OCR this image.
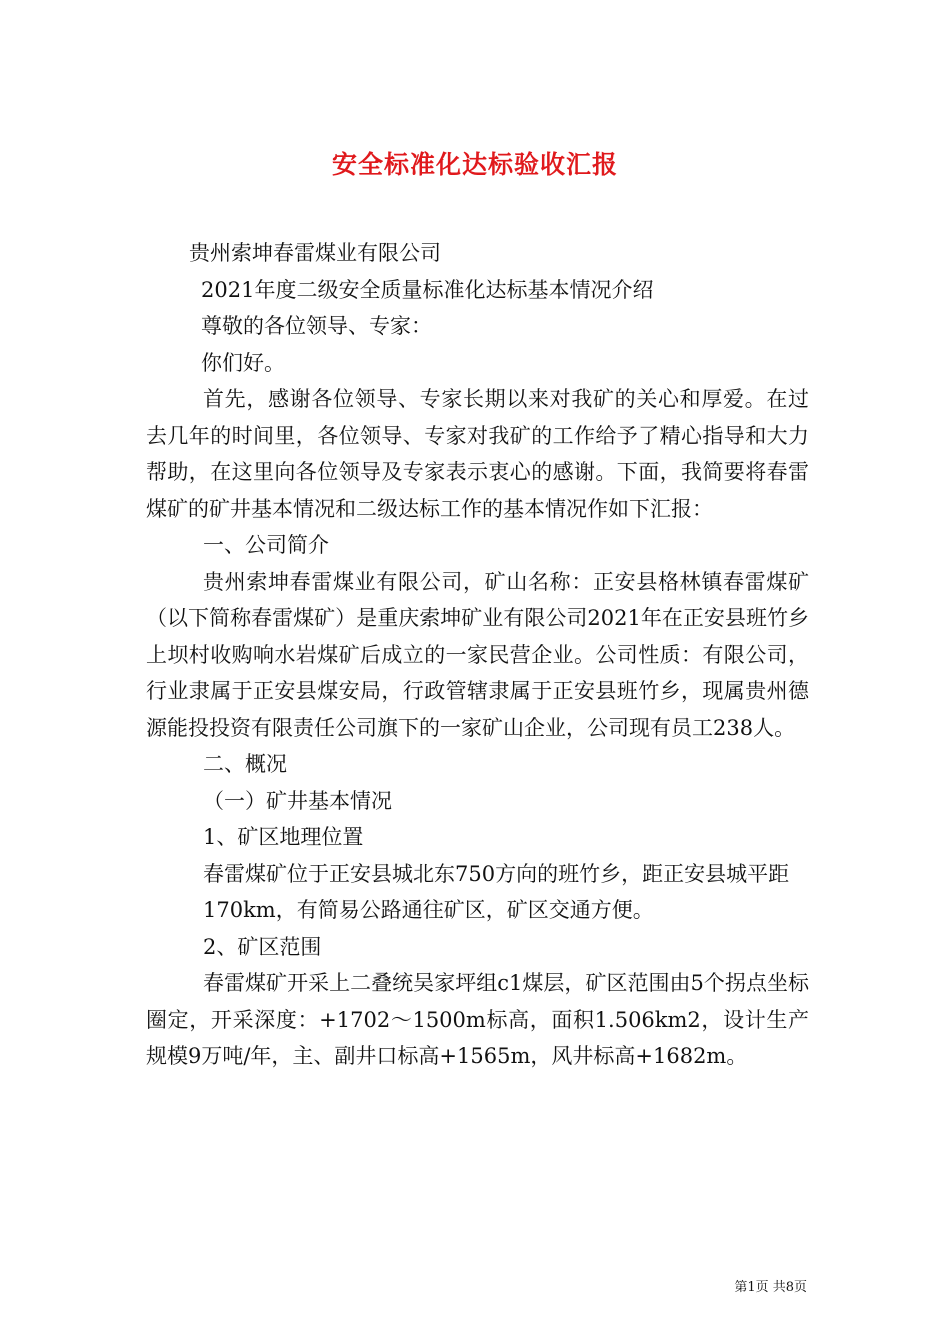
安全标准化达标验收汇报

贵州索坤春雷煤业有限公司

2021年度二级安全质量标准化达标基本情况介绍

尊敬的各位领导、专家：

你们好。

首先，感谢各位领导、专家长期以来对我矿的关心和厚爱。在过去几年的时间里，各位领导、专家对我矿的工作给予了精心指导和大力帮助，在这里向各位领导及专家表示衷心的感谢。下面，我简要将春雷煤矿的矿井基本情况和二级达标工作的基本情况作如下汇报：

一、公司简介

贵州索坤春雷煤业有限公司，矿山名称：正安县格林镇春雷煤矿（以下简称春雷煤矿）是重庆索坤矿业有限公司2021年在正安县班竹乡上坝村收购响水岩煤矿后成立的一家民营企业。公司性质：有限公司，行业隶属于正安县煤安局，行政管辖隶属于正安县班竹乡，现属贵州德源能投投资有限责任公司旗下的一家矿山企业，公司现有员工238人。

二、概况

（一）矿井基本情况

1、矿区地理位置

春雷煤矿位于正安县城北东750方向的班竹乡，距正安县城平距

170km，有简易公路通往矿区，矿区交通方便。

2、矿区范围

春雷煤矿开采上二叠统吴家坪组c1煤层，矿区范围由5个拐点坐标圈定，开采深度：+1702～1500m标高，面积1.506km2，设计生产规模9万吨/年，主、副井口标高+1565m，风井标高+1682m。

第1页 共8页
